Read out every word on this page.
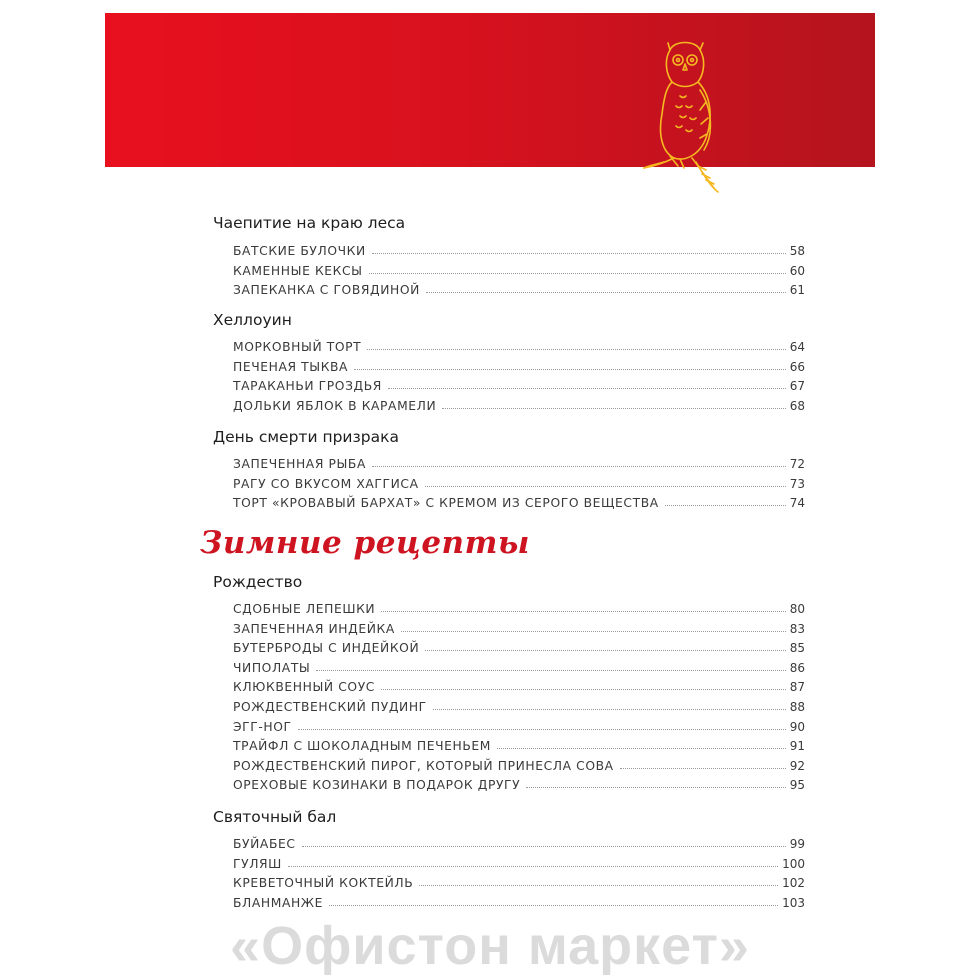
Чаепитие на краю леса
БАТСКИЕ БУЛОЧКИ	58
КАМЕННЫЕ КЕКСЫ	60
ЗАПЕКАНКА С ГОВЯДИНОЙ	61
Хеллоуин
МОРКОВНЫЙ ТОРТ	64
ПЕЧЕНАЯ ТЫКВА	66
ТАРАКАНЬИ ГРОЗДЬЯ	67
ДОЛЬКИ ЯБЛОК В КАРАМЕЛИ	68
День смерти призрака
ЗАПЕЧЕННАЯ РЫБА	72
РАГУ СО ВКУСОМ ХАГГИСА	73
ТОРТ «КРОВАВЫЙ БАРХАТ» С КРЕМОМ ИЗ СЕРОГО ВЕЩЕСТВА	74
Рождество
СДОБНЫЕ ЛЕПЕШКИ	80
ЗАПЕЧЕННАЯ ИНДЕЙКА	83
БУТЕРБРОДЫ С ИНДЕЙКОЙ	85
ЧИПОЛАТЫ	86
КЛЮКВЕННЫЙ СОУС	87
РОЖДЕСТВЕНСКИЙ ПУДИНГ	88
ЭГГ-НОГ	90
ТРАЙФЛ С ШОКОЛАДНЫМ ПЕЧЕНЬЕМ	91
РОЖДЕСТВЕНСКИЙ ПИРОГ, КОТОРЫЙ ПРИНЕСЛА СОВА	92
ОРЕХОВЫЕ КОЗИНАКИ В ПОДАРОК ДРУГУ	95
Святочный бал
БУЙАБЕС	99
ГУЛЯШ	100
КРЕВЕТОЧНЫЙ КОКТЕЙЛЬ	102
БЛАНМАНЖЕ	103
Зимние рецепты
«Офистон маркет»
